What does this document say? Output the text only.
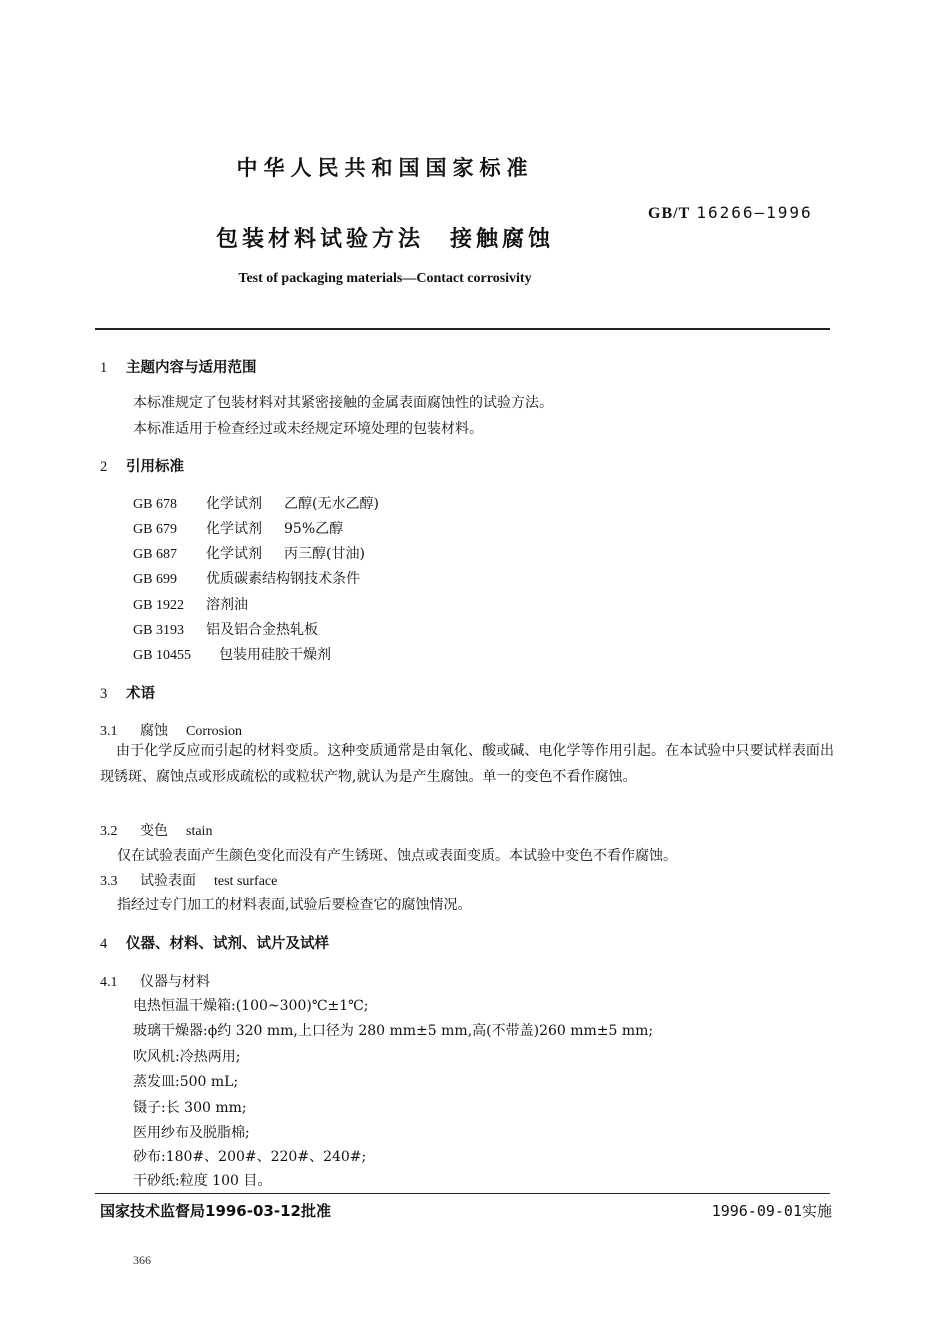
中华人民共和国国家标准
GB/T 16266—1996
包装材料试验方法　接触腐蚀
Test of packaging materials—Contact corrosivity
1 主题内容与适用范围
本标准规定了包装材料对其紧密接触的金属表面腐蚀性的试验方法。
本标准适用于检查经过或未经规定环境处理的包装材料。
2 引用标准
GB 678 化学试剂 乙醇(无水乙醇)
GB 679 化学试剂 95%乙醇
GB 687 化学试剂 丙三醇(甘油)
GB 699 优质碳素结构钢技术条件
GB 1922 溶剂油
GB 3193 铝及铝合金热轧板
GB 10455 包装用硅胶干燥剂
3 术语
3.1 腐蚀 Corrosion
由于化学反应而引起的材料变质。这种变质通常是由氧化、酸或碱、电化学等作用引起。在本试验中只要试样表面出现锈斑、腐蚀点或形成疏松的或粒状产物,就认为是产生腐蚀。单一的变色不看作腐蚀。
3.2 变色 stain
仅在试验表面产生颜色变化而没有产生锈斑、蚀点或表面变质。本试验中变色不看作腐蚀。
3.3 试验表面 test surface
指经过专门加工的材料表面,试验后要检查它的腐蚀情况。
4 仪器、材料、试剂、试片及试样
4.1 仪器与材料
电热恒温干燥箱:(100~300)℃±1℃;
玻璃干燥器:ϕ约 320 mm,上口径为 280 mm±5 mm,高(不带盖)260 mm±5 mm;
吹风机:冷热两用;
蒸发皿:500 mL;
镊子:长 300 mm;
医用纱布及脱脂棉;
砂布:180#、200#、220#、240#;
干砂纸:粒度 100 目。
国家技术监督局1996-03-12批准	1996-09-01实施
366
